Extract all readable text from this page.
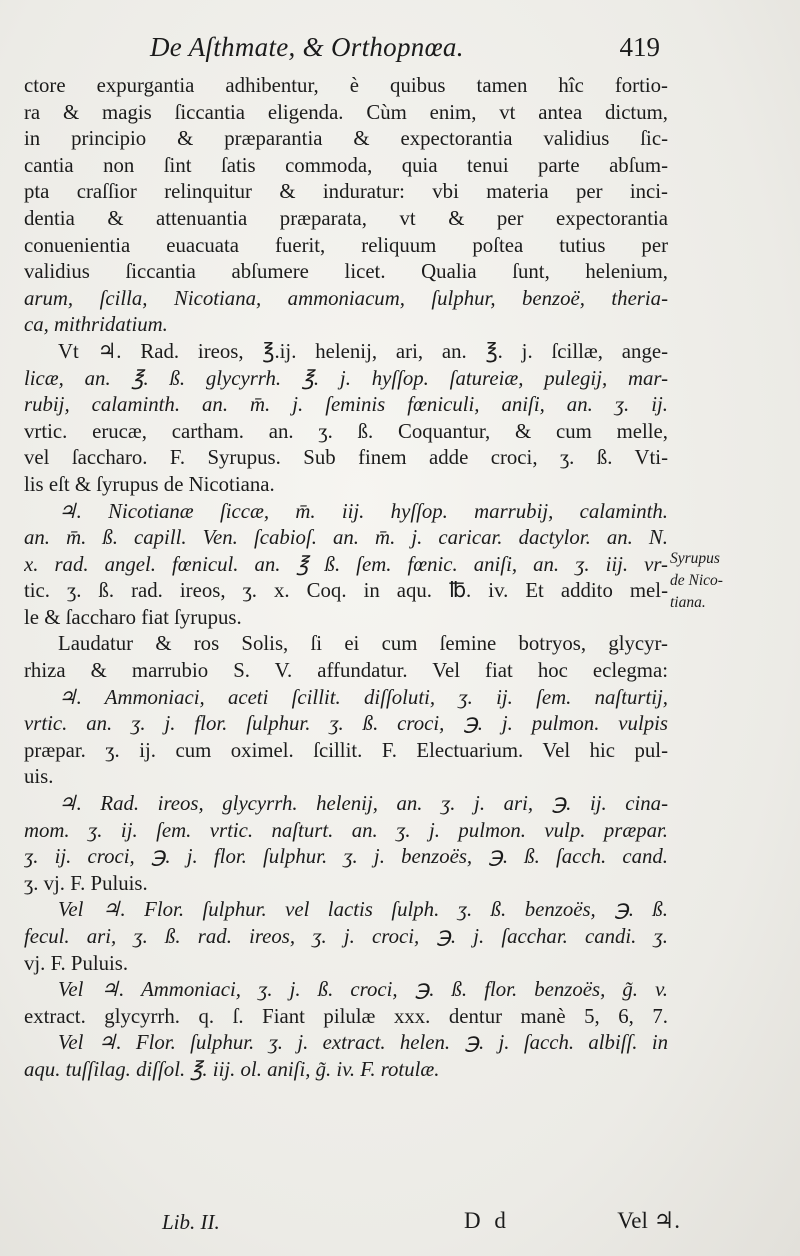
De Aſthmate, & Orthopnœa.	419
ctore expurgantia adhibentur, è quibus tamen hîc fortio-
ra & magis ſiccantia eligenda. Cùm enim, vt antea dictum,
in principio & præparantia & expectorantia validius ſic-
cantia non ſint ſatis commoda, quia tenui parte abſum-
pta craſſior relinquitur & induratur: vbi materia per inci-
dentia & attenuantia præparata, vt & per expectorantia
conuenientia euacuata fuerit, reliquum poſtea tutius per
validius ſiccantia abſumere licet. Qualia ſunt, helenium,
arum, ſcilla, Nicotiana, ammoniacum, ſulphur, benzoë, theria-
ca, mithridatium.
Vt ♃. Rad. ireos, ℥.ij. helenij, ari, an. ℥. j. ſcillæ, ange-
licæ, an. ℥. ß. glycyrrh. ℥. j. hyſſop. ſatureiæ, pulegij, mar-
rubij, calaminth. an. m̄. j. ſeminis fœniculi, aniſi, an. ʒ. ij.
vrtic. erucæ, cartham. an. ʒ. ß. Coquantur, & cum melle,
vel ſaccharo. F. Syrupus. Sub finem adde croci, ʒ. ß. Vti-
lis eſt & ſyrupus de Nicotiana.
♃. Nicotianæ ſiccæ, m̄. iij. hyſſop. marrubij, calaminth.
an. m̄. ß. capill. Ven. ſcabioſ. an. m̄. j. caricar. dactylor. an. N.
x. rad. angel. fœnicul. an. ℥ ß. ſem. fœnic. aniſi, an. ʒ. iij. vr-
tic. ʒ. ß. rad. ireos, ʒ. x. Coq. in aqu. ℔. iv. Et addito mel-
le & ſaccharo fiat ſyrupus.
Laudatur & ros Solis, ſi ei cum ſemine botryos, glycyr-
rhiza & marrubio S. V. affundatur. Vel fiat hoc eclegma:
♃. Ammoniaci, aceti ſcillit. diſſoluti, ʒ. ij. ſem. naſturtij,
vrtic. an. ʒ. j. flor. ſulphur. ʒ. ß. croci, ℈. j. pulmon. vulpis
præpar. ʒ. ij. cum oximel. ſcillit. F. Electuarium. Vel hic pul-
uis.
♃. Rad. ireos, glycyrrh. helenij, an. ʒ. j. ari, ℈. ij. cina-
mom. ʒ. ij. ſem. vrtic. naſturt. an. ʒ. j. pulmon. vulp. præpar.
ʒ. ij. croci, ℈. j. flor. ſulphur. ʒ. j. benzoës, ℈. ß. ſacch. cand.
ʒ. vj. F. Puluis.
Vel ♃. Flor. ſulphur. vel lactis ſulph. ʒ. ß. benzoës, ℈. ß.
fecul. ari, ʒ. ß. rad. ireos, ʒ. j. croci, ℈. j. ſacchar. candi. ʒ.
vj. F. Puluis.
Vel ♃. Ammoniaci, ʒ. j. ß. croci, ℈. ß. flor. benzoës, g̃. v.
extract. glycyrrh. q. ſ. Fiant pilulæ xxx. dentur manè 5, 6, 7.
Vel ♃. Flor. ſulphur. ʒ. j. extract. helen. ℈. j. ſacch. albiſſ. in
aqu. tuſſilag. diſſol. ℥. iij. ol. aniſi, g̃. iv. F. rotulæ.
Syrupus
de Nico-
tiana.
Lib. II.	D d	Vel ♃.
